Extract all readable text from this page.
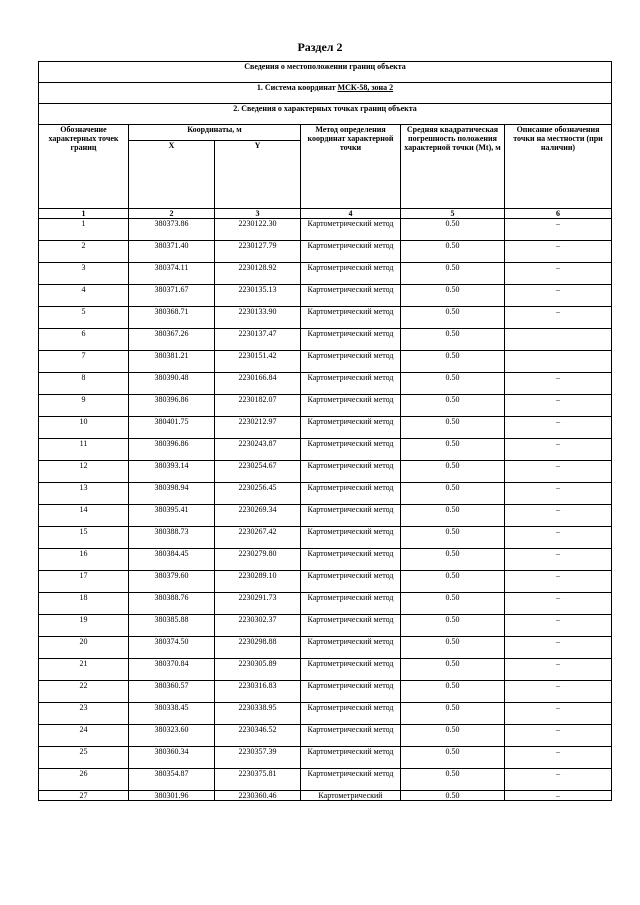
Раздел 2
Сведения о местоположении границ объекта					
1. Система координат МСК-58, зона 2					
2. Сведения о характерных точках границ объекта					
Обозначение характерных точек границ	Координаты, м		Метод определения координат характерной точки	Средняя квадратическая погрешность положения характерной точки (Mt), м	Описание обозначения точки на местности (при наличии)
	X	Y			
1	2	3	4	5	6
1	380373.86	2230122.30	Картометрический метод	0.50	–
2	380371.40	2230127.79	Картометрический метод	0.50	–
3	380374.11	2230128.92	Картометрический метод	0.50	–
4	380371.67	2230135.13	Картометрический метод	0.50	–
5	380368.71	2230133.90	Картометрический метод	0.50	–
6	380367.26	2230137.47	Картометрический метод	0.50	
7	380381.21	2230151.42	Картометрический метод	0.50	
8	380390.48	2230166.84	Картометрический метод	0.50	–
9	380396.86	2230182.07	Картометрический метод	0.50	–
10	380401.75	2230212.97	Картометрический метод	0.50	–
11	380396.86	2230243.87	Картометрический метод	0.50	–
12	380393.14	2230254.67	Картометрический метод	0.50	–
13	380398.94	2230256.45	Картометрический метод	0.50	–
14	380395.41	2230269.34	Картометрический метод	0.50	–
15	380388.73	2230267.42	Картометрический метод	0.50	–
16	380384.45	2230279.80	Картометрический метод	0.50	–
17	380379.60	2230289.10	Картометрический метод	0.50	–
18	380388.76	2230291.73	Картометрический метод	0.50	–
19	380385.88	2230302.37	Картометрический метод	0.50	–
20	380374.50	2230298.88	Картометрический метод	0.50	–
21	380370.84	2230305.89	Картометрический метод	0.50	–
22	380360.57	2230316.83	Картометрический метод	0.50	–
23	380338.45	2230338.95	Картометрический метод	0.50	–
24	380323.60	2230346.52	Картометрический метод	0.50	–
25	380360.34	2230357.39	Картометрический метод	0.50	–
26	380354.87	2230375.81	Картометрический метод	0.50	–
27	380301.96	2230360.46	Картометрический	0.50	–
